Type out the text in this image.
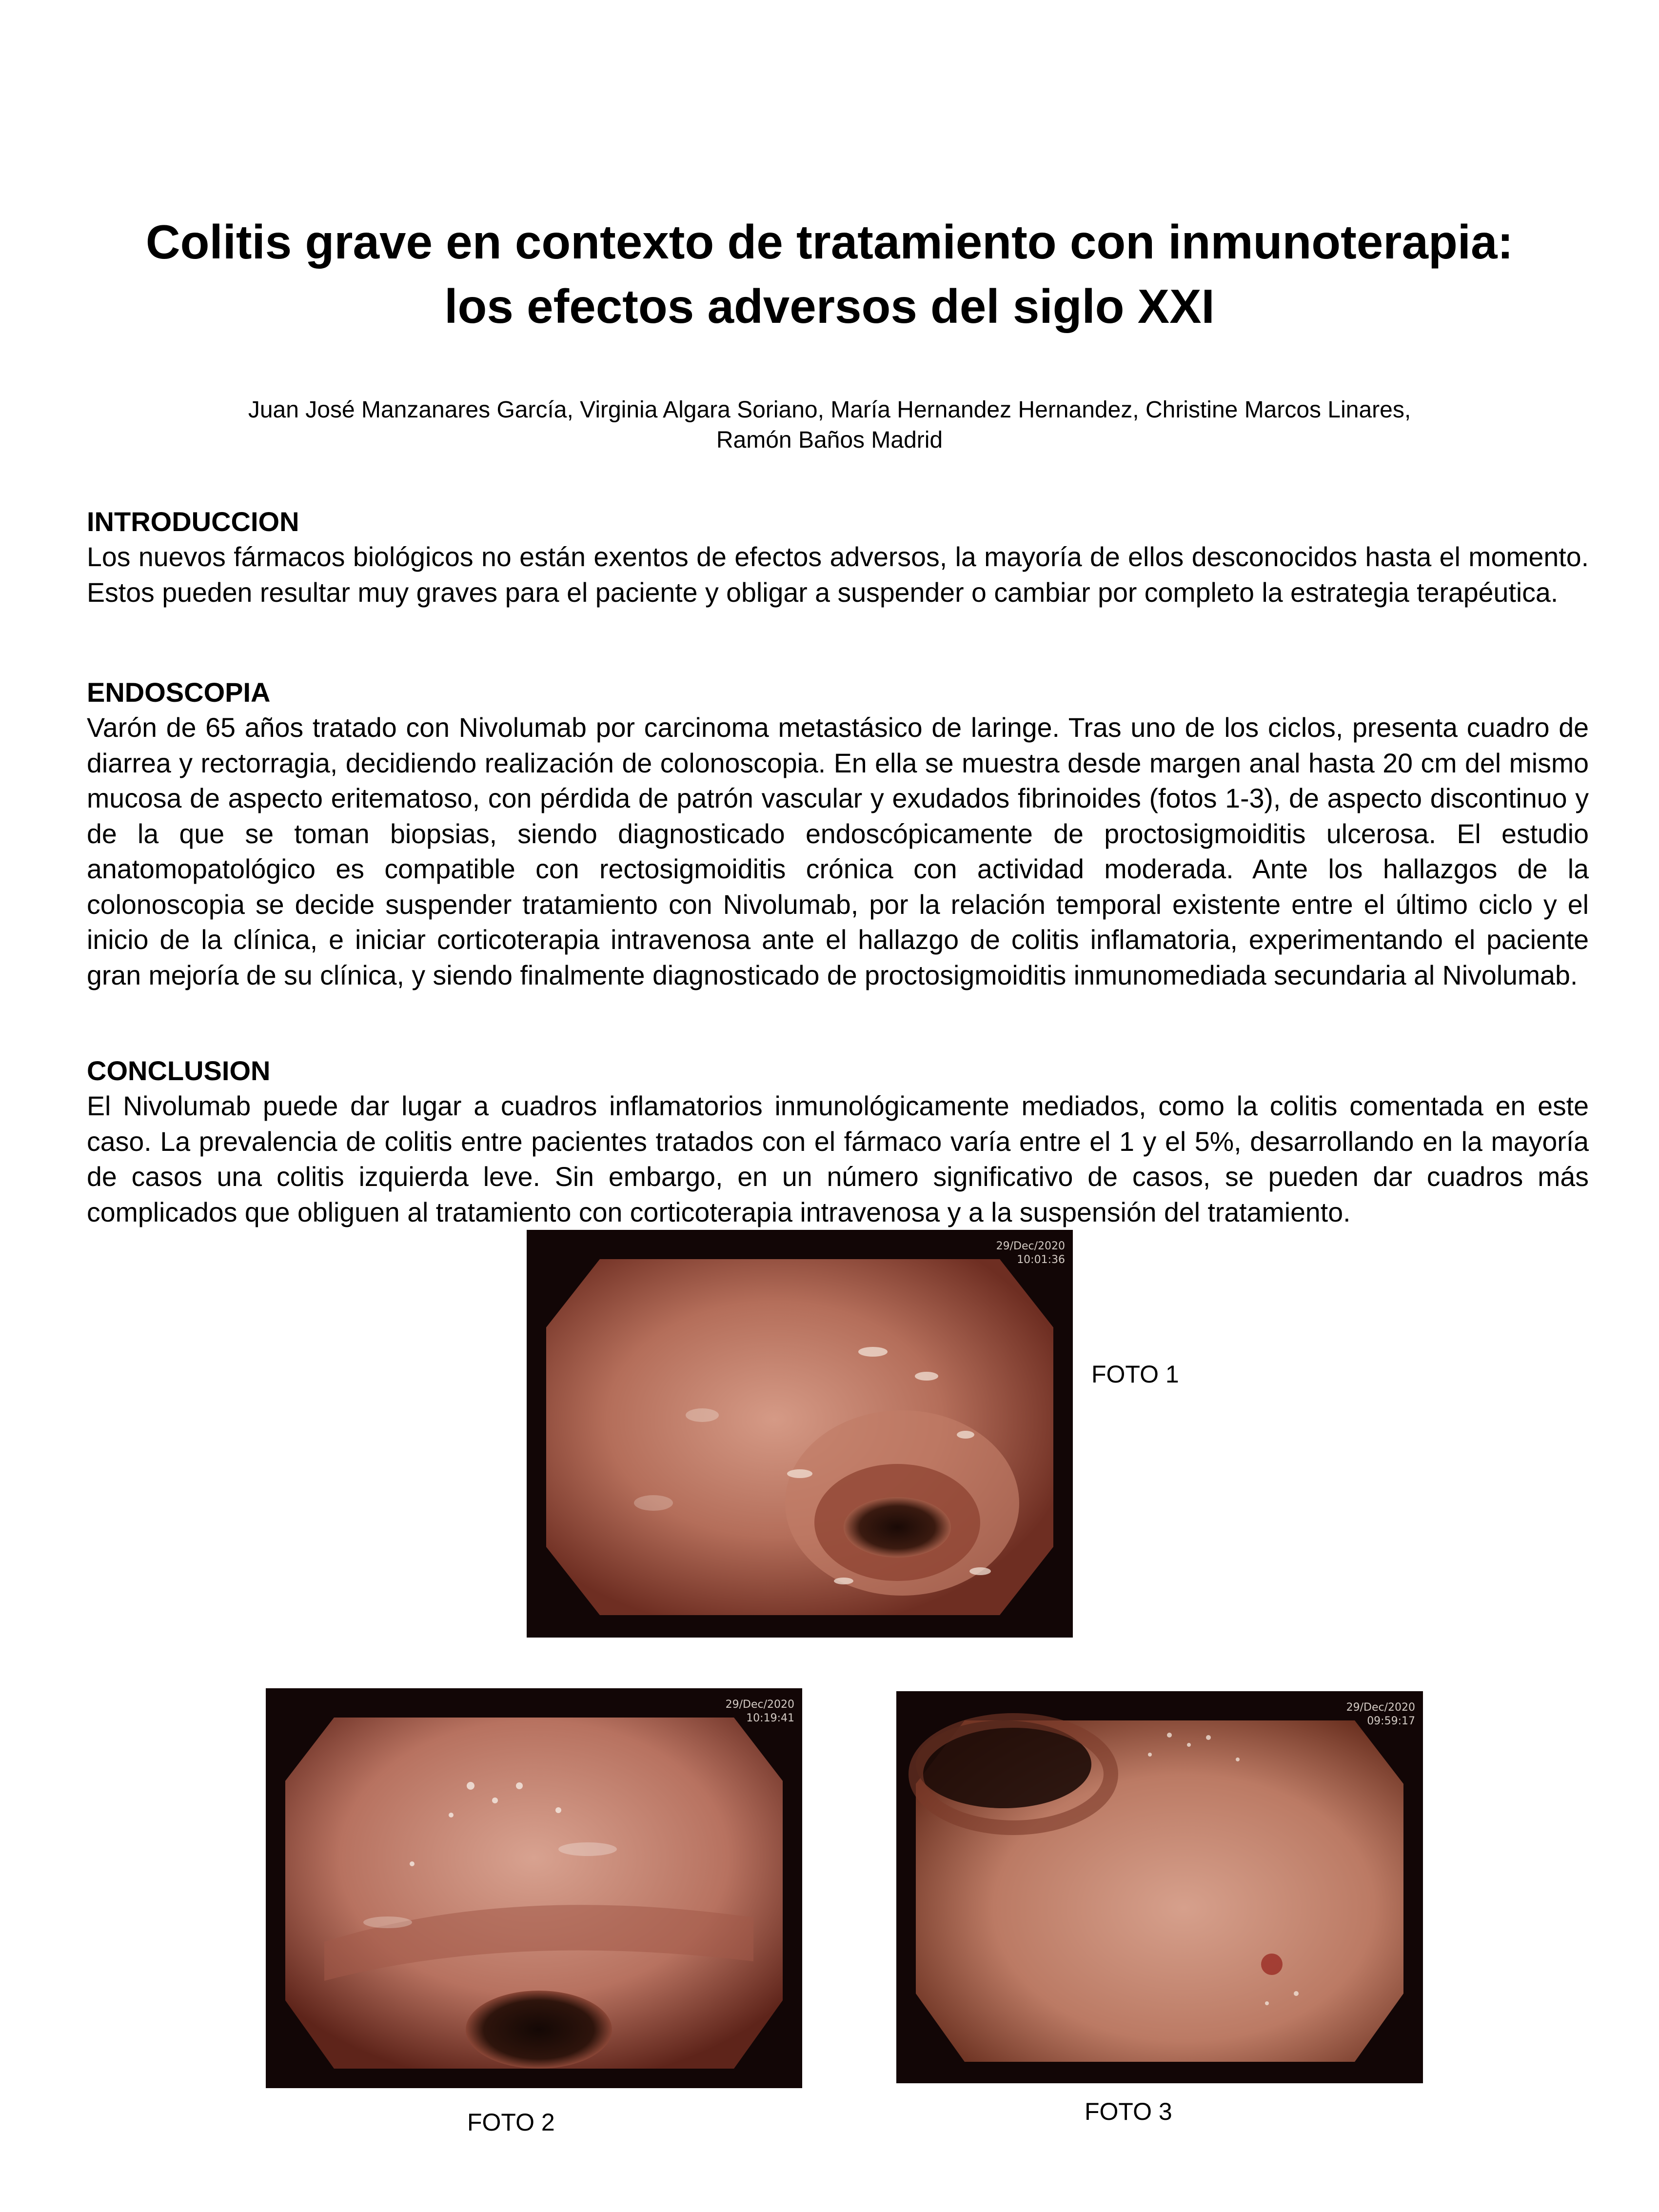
Colitis grave en contexto de tratamiento con inmunoterapia:
los efectos adversos del siglo XXI
Juan José Manzanares García, Virginia Algara Soriano, María Hernandez Hernandez, Christine Marcos Linares,
Ramón Baños Madrid
INTRODUCCION

Los nuevos fármacos biológicos no están exentos de efectos adversos, la mayoría de ellos desconocidos hasta el momento. Estos pueden resultar muy graves para el paciente y obligar a suspender o cambiar por completo la estrategia terapéutica.

ENDOSCOPIA

Varón de 65 años tratado con Nivolumab por carcinoma metastásico de laringe. Tras uno de los ciclos, presenta cuadro de diarrea y rectorragia, decidiendo realización de colonoscopia. En ella se muestra desde margen anal hasta 20 cm del mismo mucosa de aspecto eritematoso, con pérdida de patrón vascular y exudados fibrinoides (fotos 1-3), de aspecto discontinuo y de la que se toman biopsias, siendo diagnosticado endoscópicamente de proctosigmoiditis ulcerosa. El estudio anatomopatológico es compatible con rectosigmoiditis crónica con actividad moderada. Ante los hallazgos de la colonoscopia se decide suspender tratamiento con Nivolumab, por la relación temporal existente entre el último ciclo y el inicio de la clínica, e iniciar corticoterapia intravenosa ante el hallazgo de colitis inflamatoria, experimentando el paciente gran mejoría de su clínica, y siendo finalmente diagnosticado de proctosigmoiditis inmunomediada secundaria al Nivolumab.

CONCLUSION

El Nivolumab puede dar lugar a cuadros inflamatorios inmunológicamente mediados, como la colitis comentada en este caso. La prevalencia de colitis entre pacientes tratados con el fármaco varía entre el 1 y el 5%, desarrollando en la mayoría de casos una colitis izquierda leve. Sin embargo, en un número significativo de casos, se pueden dar cuadros más complicados que obliguen al tratamiento con corticoterapia intravenosa y a la suspensión del tratamiento.

29/Dec/2020
10:01:36
FOTO 1
29/Dec/2020
10:19:41
FOTO 2
29/Dec/2020
09:59:17
FOTO 3
